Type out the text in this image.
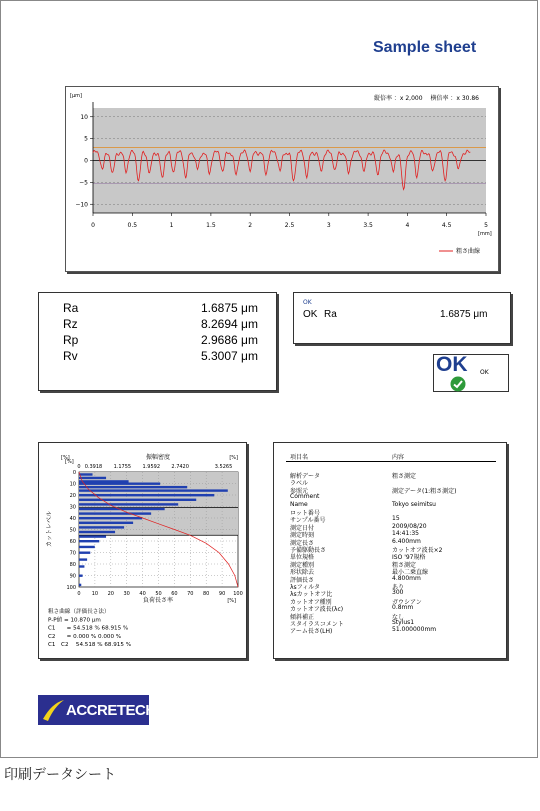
Sample sheet
[μm]	縦倍率 ：x 2,000　 横倍率 ：x 30.86
10
5
0
−5
−10
0	0.5	1	1.5	2	2.5	3	3.5	4	4.5	5
[mm]
粗さ曲線
Ra	1.6875 μm
Rz	8.2694 μm
Rp	2.9686 μm
Rv	5.3007 μm
OK
OK Ra	1.6875 μm
OK OK
[%]	振幅密度	[%]
0 0.3918 1.1755 1.9592 2.7420	3.5265
[%]
カットレベル
0
10
20
30
40
50
60
70
80
90
100
0 10 20 30 40 50 60 70 80 90 100
[%]
負荷長さ率
粗さ曲線（評価長さ法）
P-P値 = 10.870 μm
C1　　= 54.518 % 68.915 %
C2　　= 0.000 % 0.000 %
C1　C2　 54.518 % 68.915 %
項目名	内容
解析データ	粗さ測定
ラベル
参照元	測定データ(1:粗さ測定)
Comment
Name	Tokyo seimitsu
ロット番号
サンプル番号	15
測定日付	2009/08/20
測定時刻	14:41:35
測定長さ	6.400mm
予備駆動長さ	カットオフ波長×2
単位規格	ISO '97規格
測定種別	粗さ測定
形状除去	最小二乗直線
評価長さ	4.800mm
λsフィルタ	あり
λsカットオフ比	300
カットオフ種別	ガウシアン
カットオフ波長(λc)	0.8mm
傾斜補正	なし
スタイラスコメント	Stylus1
アーム長さ(LH)	51.000000mm
ACCRETECH
印刷データシート
